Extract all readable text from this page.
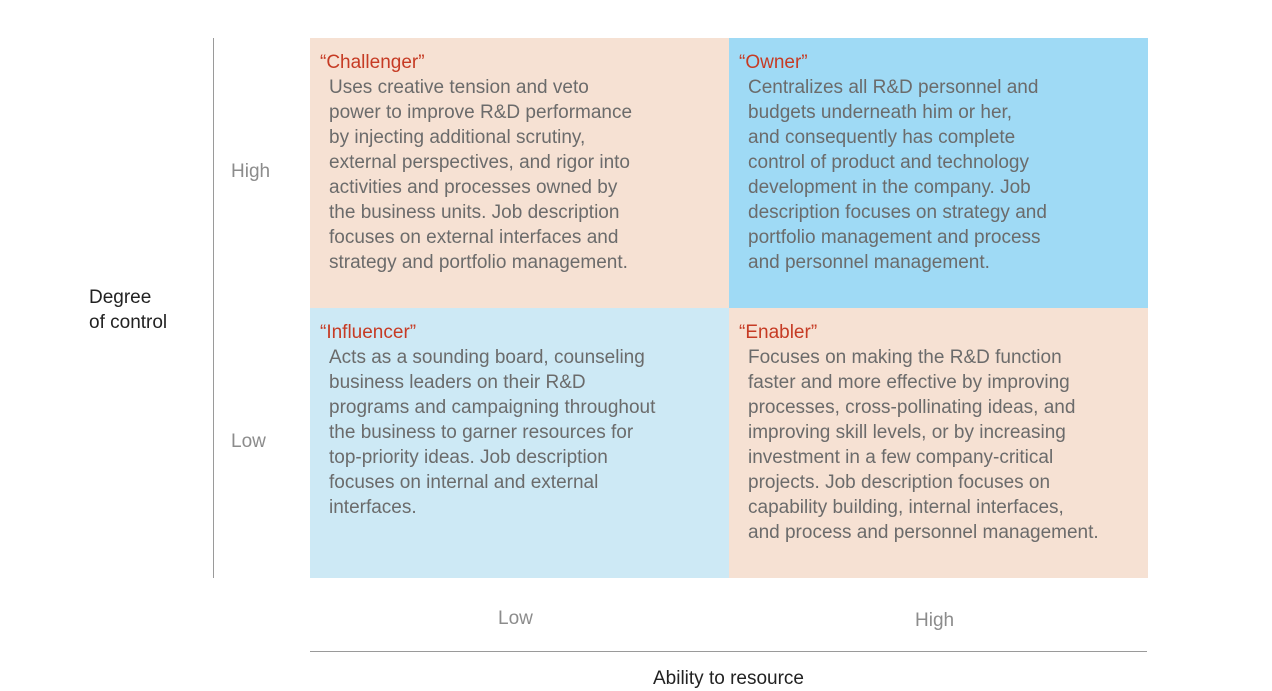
Degree
of control
High
Low
“Challenger”
Uses creative tension and veto
power to improve R&D performance
by injecting additional scrutiny,
external perspectives, and rigor into
activities and processes owned by
the business units. Job description
focuses on external interfaces and
strategy and portfolio management.
“Owner”
Centralizes all R&D personnel and
budgets underneath him or her,
and consequently has complete
control of product and technology
development in the company. Job
description focuses on strategy and
portfolio management and process
and personnel management.
“Influencer”
Acts as a sounding board, counseling
business leaders on their R&D
programs and campaigning throughout
the business to garner resources for
top-priority ideas. Job description
focuses on internal and external
interfaces.
“Enabler”
Focuses on making the R&D function
faster and more effective by improving
processes, cross-pollinating ideas, and
improving skill levels, or by increasing
investment in a few company-critical
projects. Job description focuses on
capability building, internal interfaces,
and process and personnel management.
Low	High
Ability to resource
